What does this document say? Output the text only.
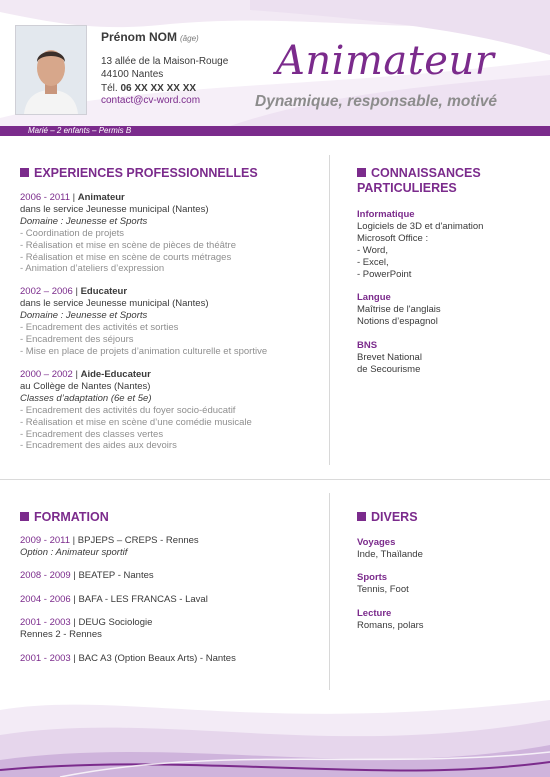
Prénom NOM (âge)
13 allée de la Maison-Rouge
44100 Nantes
Tél. 06 XX XX XX XX
contact@cv-word.com
Animateur
Dynamique, responsable, motivé
Marié – 2 enfants – Permis B
EXPERIENCES PROFESSIONNELLES
2006 - 2011 | Animateur
dans le service Jeunesse municipal (Nantes)
Domaine : Jeunesse et Sports
- Coordination de projets
- Réalisation et mise en scène de pièces de théâtre
- Réalisation et mise en scène de courts métrages
- Animation d’ateliers d’expression
2002 – 2006 | Educateur
dans le service Jeunesse municipal (Nantes)
Domaine : Jeunesse et Sports
- Encadrement des activités et sorties
- Encadrement des séjours
- Mise en place de projets d’animation culturelle et sportive
2000 – 2002 | Aide-Educateur
au Collège de Nantes (Nantes)
Classes d’adaptation (6e et 5e)
- Encadrement des activités du foyer socio-éducatif
- Réalisation et mise en scène d’une comédie musicale
- Encadrement des classes vertes
- Encadrement des aides aux devoirs
CONNAISSANCES
PARTICULIERES
Informatique
Logiciels de 3D et d'animation
Microsoft Office :
- Word,
- Excel,
- PowerPoint
Langue
Maîtrise de l'anglais
Notions d’espagnol
BNS
Brevet National
de Secourisme
FORMATION
2009 - 2011 | BPJEPS – CREPS - Rennes
Option : Animateur sportif
2008 - 2009 | BEATEP - Nantes
2004 - 2006 | BAFA - LES FRANCAS - Laval
2001 - 2003 | DEUG Sociologie
Rennes 2 - Rennes
2001 - 2003 | BAC A3 (Option Beaux Arts) - Nantes
DIVERS
Voyages
Inde, Thaïlande
Sports
Tennis, Foot
Lecture
Romans, polars
